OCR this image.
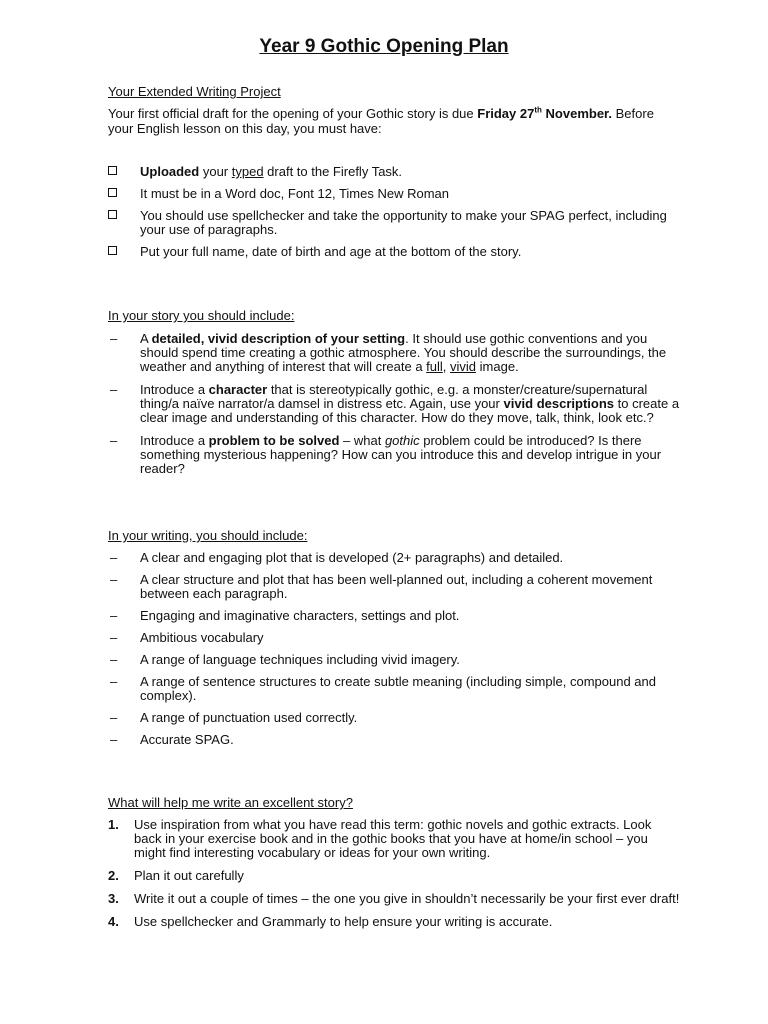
Year 9 Gothic Opening Plan
Your Extended Writing Project

Your first official draft for the opening of your Gothic story is due Friday 27th November. Before your English lesson on this day, you must have:

Uploaded your typed draft to the Firefly Task.
It must be in a Word doc, Font 12, Times New Roman
You should use spellchecker and take the opportunity to make your SPAG perfect, including your use of paragraphs.
Put your full name, date of birth and age at the bottom of the story.
In your story you should include:
– A detailed, vivid description of your setting. It should use gothic conventions and you should spend time creating a gothic atmosphere. You should describe the surroundings, the weather and anything of interest that will create a full, vivid image.
– Introduce a character that is stereotypically gothic, e.g. a monster/creature/supernatural thing/a naïve narrator/a damsel in distress etc. Again, use your vivid descriptions to create a clear image and understanding of this character. How do they move, talk, think, look etc.?
– Introduce a problem to be solved – what gothic problem could be introduced? Is there something mysterious happening? How can you introduce this and develop intrigue in your reader?
In your writing, you should include:
– A clear and engaging plot that is developed (2+ paragraphs) and detailed.
– A clear structure and plot that has been well-planned out, including a coherent movement between each paragraph.
– Engaging and imaginative characters, settings and plot.
– Ambitious vocabulary
– A range of language techniques including vivid imagery.
– A range of sentence structures to create subtle meaning (including simple, compound and complex).
– A range of punctuation used correctly.
– Accurate SPAG.
What will help me write an excellent story?
1. Use inspiration from what you have read this term: gothic novels and gothic extracts. Look back in your exercise book and in the gothic books that you have at home/in school – you might find interesting vocabulary or ideas for your own writing.
2. Plan it out carefully
3. Write it out a couple of times – the one you give in shouldn’t necessarily be your first ever draft!
4. Use spellchecker and Grammarly to help ensure your writing is accurate.
